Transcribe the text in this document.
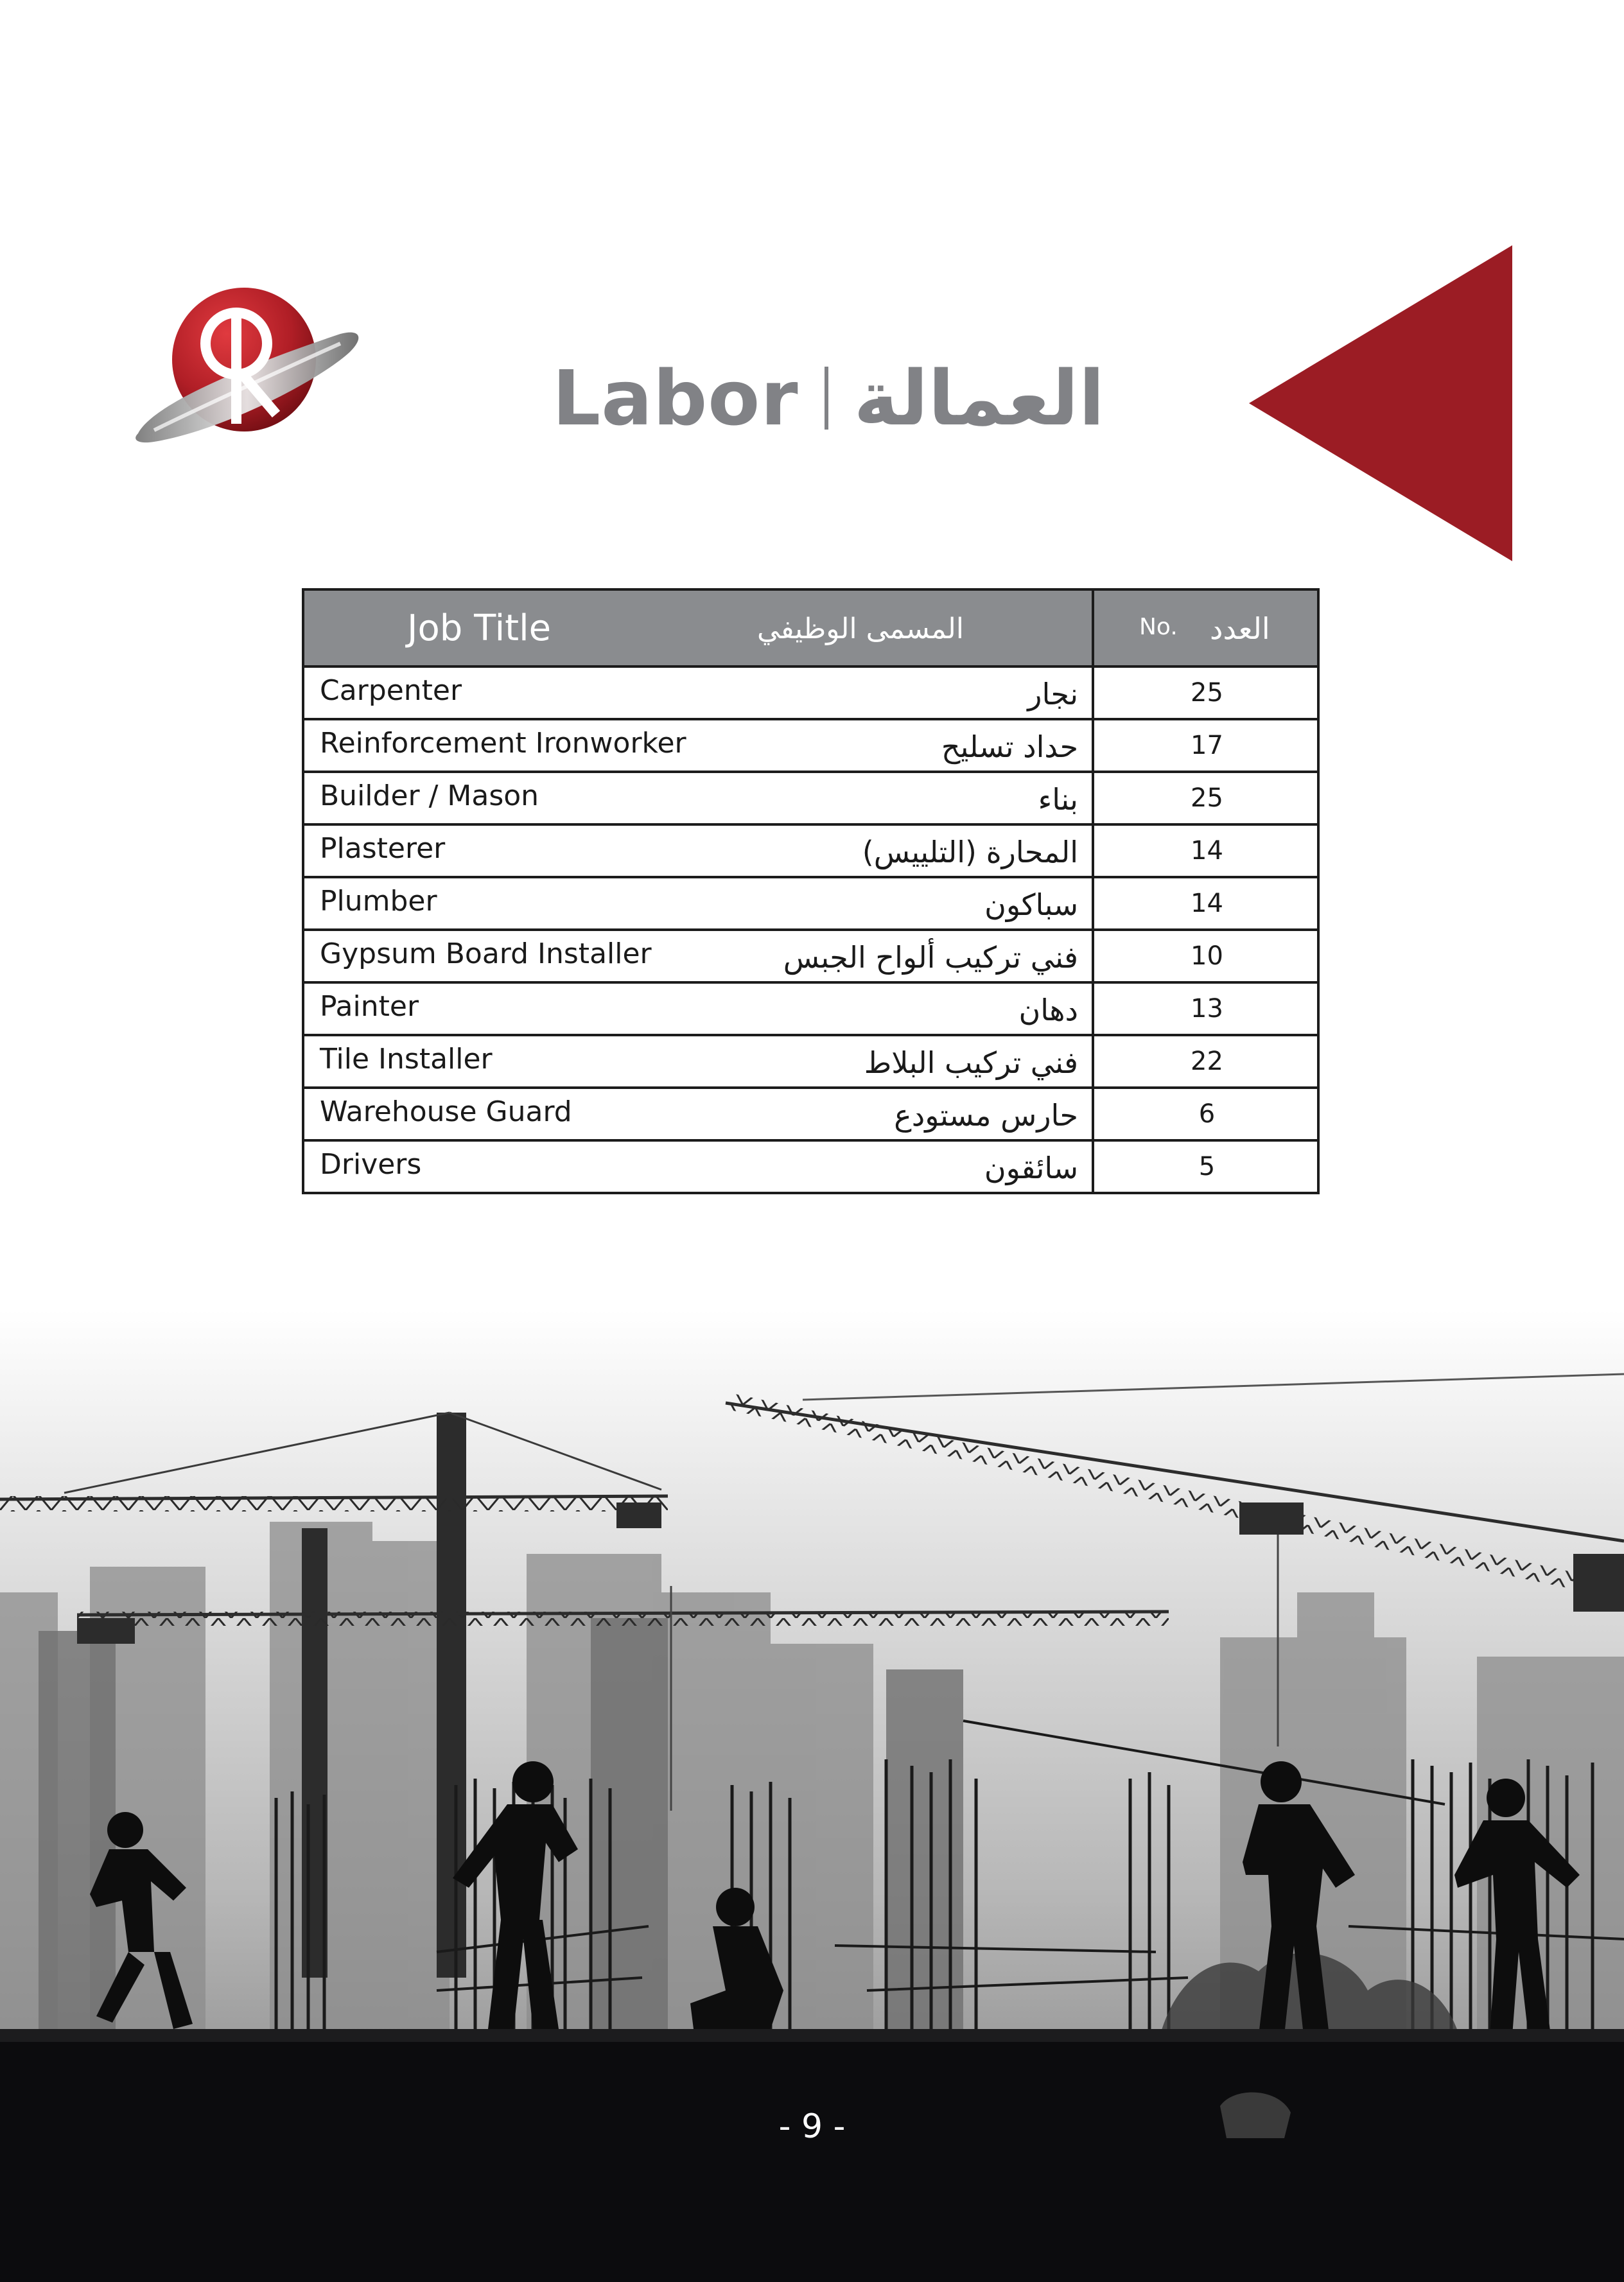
Labor العمالة
Job Title	المسمى الوظيفي	No. العدد
Carpenter	نجار	25
Reinforcement Ironworker	حداد تسليح	17
Builder / Mason	بناء	25
Plasterer	المحارة (التلييس)	14
Plumber	سباكون	14
Gypsum Board Installer	فني تركيب ألواح الجبس	10
Painter	دهان	13
Tile Installer	فني تركيب البلاط	22
Warehouse Guard	حارس مستودع	6
Drivers	سائقون	5
- 9 -
